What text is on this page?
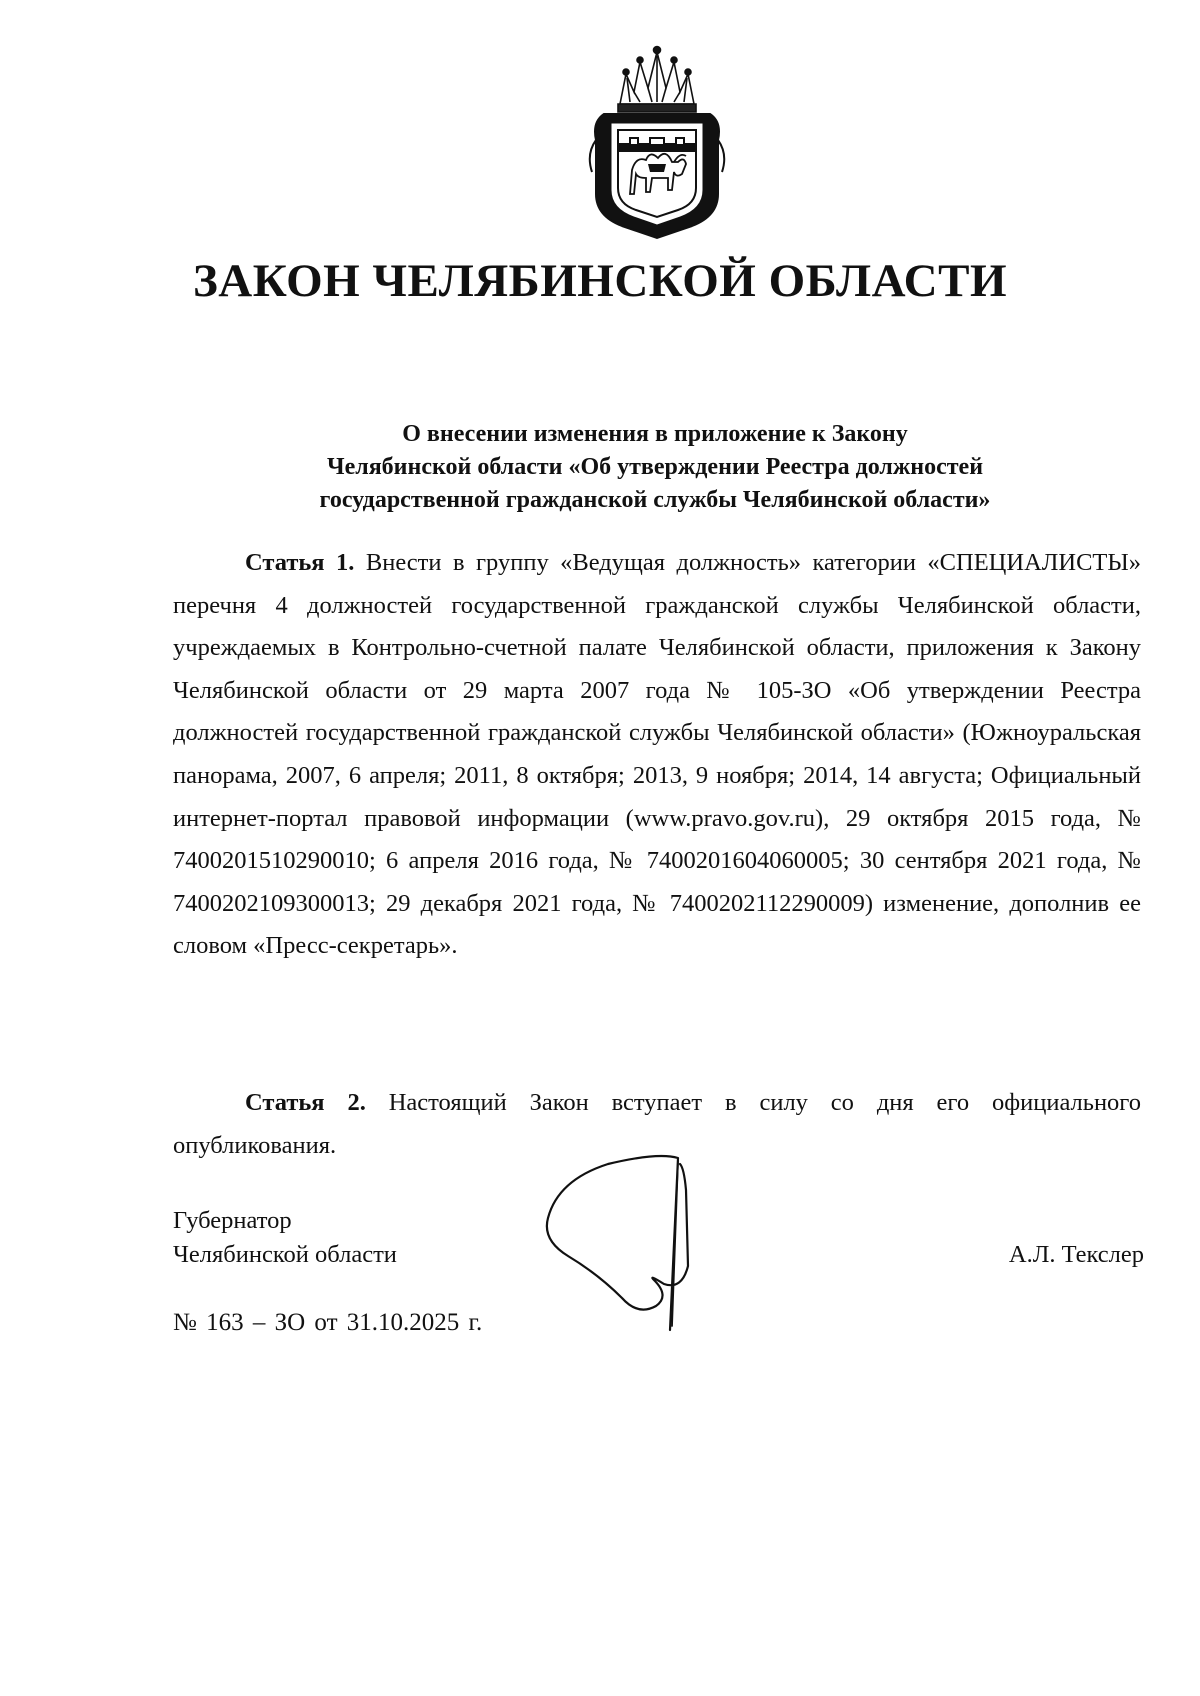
ЗАКОН ЧЕЛЯБИНСКОЙ ОБЛАСТИ
О внесении изменения в приложение к Закону
Челябинской области «Об утверждении Реестра должностей
государственной гражданской службы Челябинской области»
Статья 1. Внести в группу «Ведущая должность» категории «СПЕЦИАЛИСТЫ» перечня 4 должностей государственной гражданской службы Челябинской области, учреждаемых в Контрольно-счетной палате Челябинской области, приложения к Закону Челябинской области от 29 марта 2007 года № 105-ЗО «Об утверждении Реестра должностей государственной гражданской службы Челябинской области» (Южноуральская панорама, 2007, 6 апреля; 2011, 8 октября; 2013, 9 ноября; 2014, 14 августа; Официальный интернет-портал правовой информации (www.pravo.gov.ru), 29 октября 2015 года, № 7400201510290010; 6 апреля 2016 года, № 7400201604060005; 30 сентября 2021 года, № 7400202109300013; 29 декабря 2021 года, № 7400202112290009) изменение, дополнив ее словом «Пресс-секретарь».
Статья 2. Настоящий Закон вступает в силу со дня его официального опубликования.
Губернатор
Челябинской области	А.Л. Текслер
№ 163 – ЗО от 31.10.2025 г.
